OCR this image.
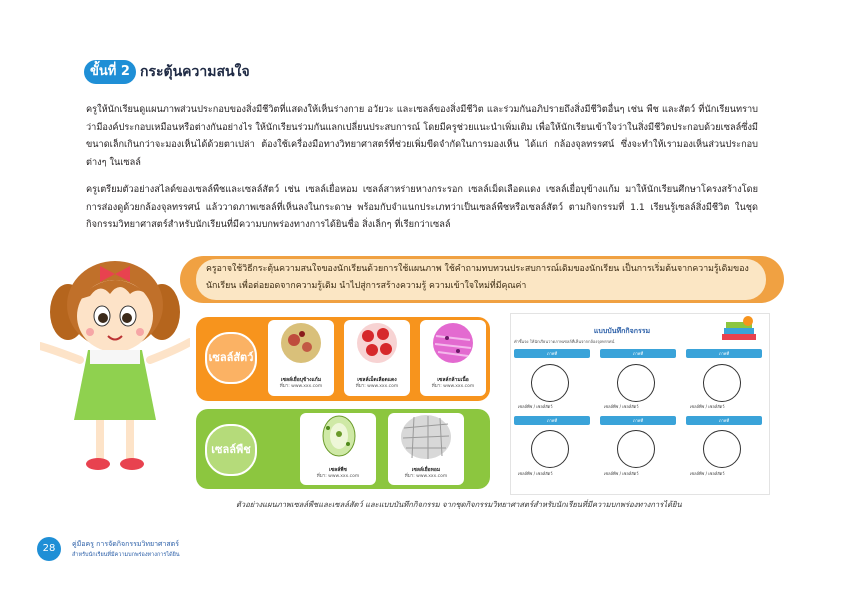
ขั้นที่ 2 กระตุ้นความสนใจ
ครูให้นักเรียนดูแผนภาพส่วนประกอบของสิ่งมีชีวิตที่แสดงให้เห็นร่างกาย อวัยวะ และเซลล์ของสิ่งมีชีวิต และร่วมกันอภิปรายถึงสิ่งมีชีวิตอื่นๆ เช่น พืช และสัตว์ ที่นักเรียนทราบว่ามีองค์ประกอบเหมือนหรือต่างกันอย่างไร ให้นักเรียนร่วมกันแลกเปลี่ยนประสบการณ์ โดยมีครูช่วยแนะนำเพิ่มเติม เพื่อให้นักเรียนเข้าใจว่าในสิ่งมีชีวิตประกอบด้วยเซลล์ซึ่งมีขนาดเล็กเกินกว่าจะมองเห็นได้ด้วยตาเปล่า ต้องใช้เครื่องมือทางวิทยาศาสตร์ที่ช่วยเพิ่มขีดจำกัดในการมองเห็น ได้แก่ กล้องจุลทรรศน์ ซึ่งจะทำให้เรามองเห็นส่วนประกอบต่างๆ ในเซลล์
ครูเตรียมตัวอย่างสไลด์ของเซลล์พืชและเซลล์สัตว์ เช่น เซลล์เยื่อหอม เซลล์สาหร่ายหางกระรอก เซลล์เม็ดเลือดแดง เซลล์เยื่อบุข้างแก้ม มาให้นักเรียนศึกษาโครงสร้างโดยการส่องดูด้วยกล้องจุลทรรศน์ แล้ววาดภาพเซลล์ที่เห็นลงในกระดาษ พร้อมกับจำแนกประเภทว่าเป็นเซลล์พืชหรือเซลล์สัตว์ ตามกิจกรรมที่ 1.1 เรียนรู้เซลล์สิ่งมีชีวิต ในชุดกิจกรรมวิทยาศาสตร์สำหรับนักเรียนที่มีความบกพร่องทางการได้ยินชื่อ สิ่งเล็กๆ ที่เรียกว่าเซลล์
ครูอาจใช้วิธีกระตุ้นความสนใจของนักเรียนด้วยการใช้แผนภาพ ใช้คำถามทบทวนประสบการณ์เดิมของนักเรียน เป็นการเริ่มต้นจากความรู้เดิมของนักเรียน เพื่อต่อยอดจากความรู้เดิม นำไปสู่การสร้างความรู้ ความเข้าใจใหม่ที่มีคุณค่า
เซลล์สัตว์
เซลล์เยื่อบุข้างแก้ม
ที่มา: www.xxx.com
เซลล์เม็ดเลือดแดง
ที่มา: www.xxx.com
เซลล์กล้ามเนื้อ
ที่มา: www.xxx.com
เซลล์พืช
เซลล์พืช
ที่มา: www.xxx.com
เซลล์เยื่อหอม
ที่มา: www.xxx.com
แบบบันทึกกิจกรรม
คำชี้แจง ให้นักเรียนวาดภาพเซลล์ที่เห็นจากกล้องจุลทรรศน์
ภาพที่	ภาพที่	ภาพที่
เซลล์พืช / เซลล์สัตว์	เซลล์พืช / เซลล์สัตว์	เซลล์พืช / เซลล์สัตว์
ภาพที่	ภาพที่	ภาพที่
เซลล์พืช / เซลล์สัตว์	เซลล์พืช / เซลล์สัตว์	เซลล์พืช / เซลล์สัตว์
ตัวอย่างแผนภาพเซลล์พืชและเซลล์สัตว์ และแบบบันทึกกิจกรรม จากชุดกิจกรรมวิทยาศาสตร์สำหรับนักเรียนที่มีความบกพร่องทางการได้ยิน
28	คู่มือครู การจัดกิจกรรมวิทยาศาสตร์
สำหรับนักเรียนที่มีความบกพร่องทางการได้ยิน
